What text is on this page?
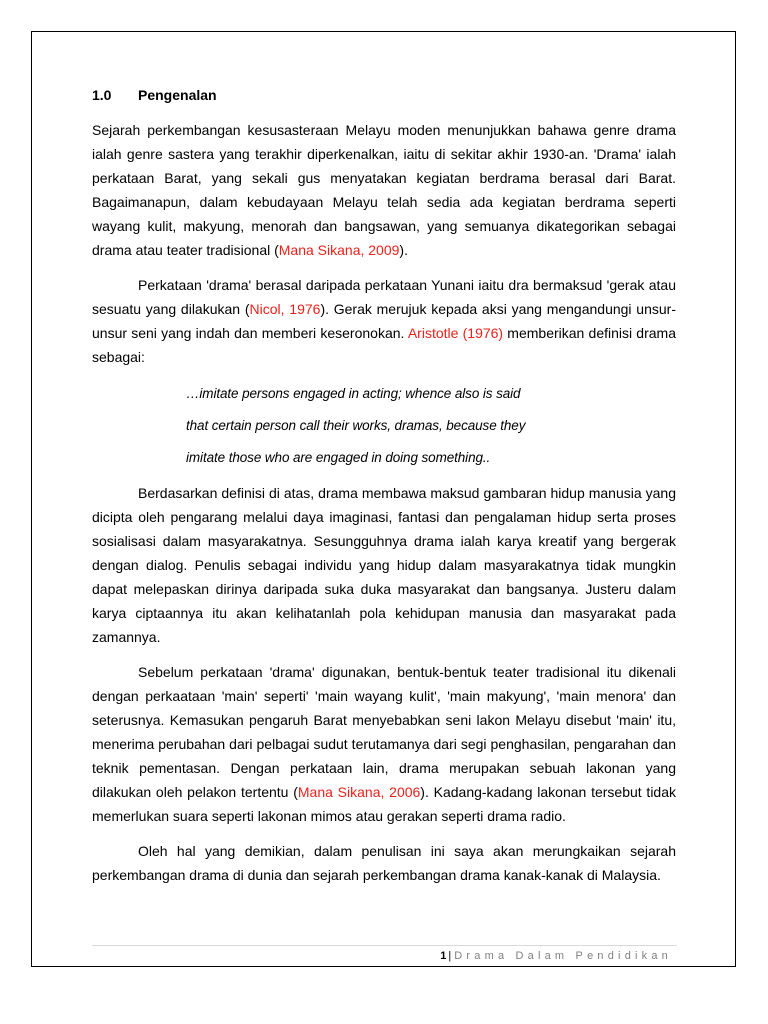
1.0 Pengenalan

Sejarah perkembangan kesusasteraan Melayu moden menunjukkan bahawa genre drama ialah genre sastera yang terakhir diperkenalkan, iaitu di sekitar akhir 1930-an. 'Drama' ialah perkataan Barat, yang sekali gus menyatakan kegiatan berdrama berasal dari Barat. Bagaimanapun, dalam kebudayaan Melayu telah sedia ada kegiatan berdrama seperti wayang kulit, makyung, menorah dan bangsawan, yang semuanya dikategorikan sebagai drama atau teater tradisional (Mana Sikana, 2009).

Perkataan 'drama' berasal daripada perkataan Yunani iaitu dra bermaksud 'gerak atau sesuatu yang dilakukan (Nicol, 1976). Gerak merujuk kepada aksi yang mengandungi unsur-unsur seni yang indah dan memberi keseronokan. Aristotle (1976) memberikan definisi drama sebagai:

…imitate persons engaged in acting; whence also is said
that certain person call their works, dramas, because they
imitate those who are engaged in doing something..

Berdasarkan definisi di atas, drama membawa maksud gambaran hidup manusia yang dicipta oleh pengarang melalui daya imaginasi, fantasi dan pengalaman hidup serta proses sosialisasi dalam masyarakatnya. Sesungguhnya drama ialah karya kreatif yang bergerak dengan dialog. Penulis sebagai individu yang hidup dalam masyarakatnya tidak mungkin dapat melepaskan dirinya daripada suka duka masyarakat dan bangsanya. Justeru dalam karya ciptaannya itu akan kelihatanlah pola kehidupan manusia dan masyarakat pada zamannya.

Sebelum perkataan 'drama' digunakan, bentuk-bentuk teater tradisional itu dikenali dengan perkaataan 'main' seperti' 'main wayang kulit', 'main makyung', 'main menora' dan seterusnya. Kemasukan pengaruh Barat menyebabkan seni lakon Melayu disebut 'main' itu, menerima perubahan dari pelbagai sudut terutamanya dari segi penghasilan, pengarahan dan teknik pementasan. Dengan perkataan lain, drama merupakan sebuah lakonan yang dilakukan oleh pelakon tertentu (Mana Sikana, 2006). Kadang-kadang lakonan tersebut tidak memerlukan suara seperti lakonan mimos atau gerakan seperti drama radio.

Oleh hal yang demikian, dalam penulisan ini saya akan merungkaikan sejarah perkembangan drama di dunia dan sejarah perkembangan drama kanak-kanak di Malaysia.

1 | Drama Dalam Pendidikan
